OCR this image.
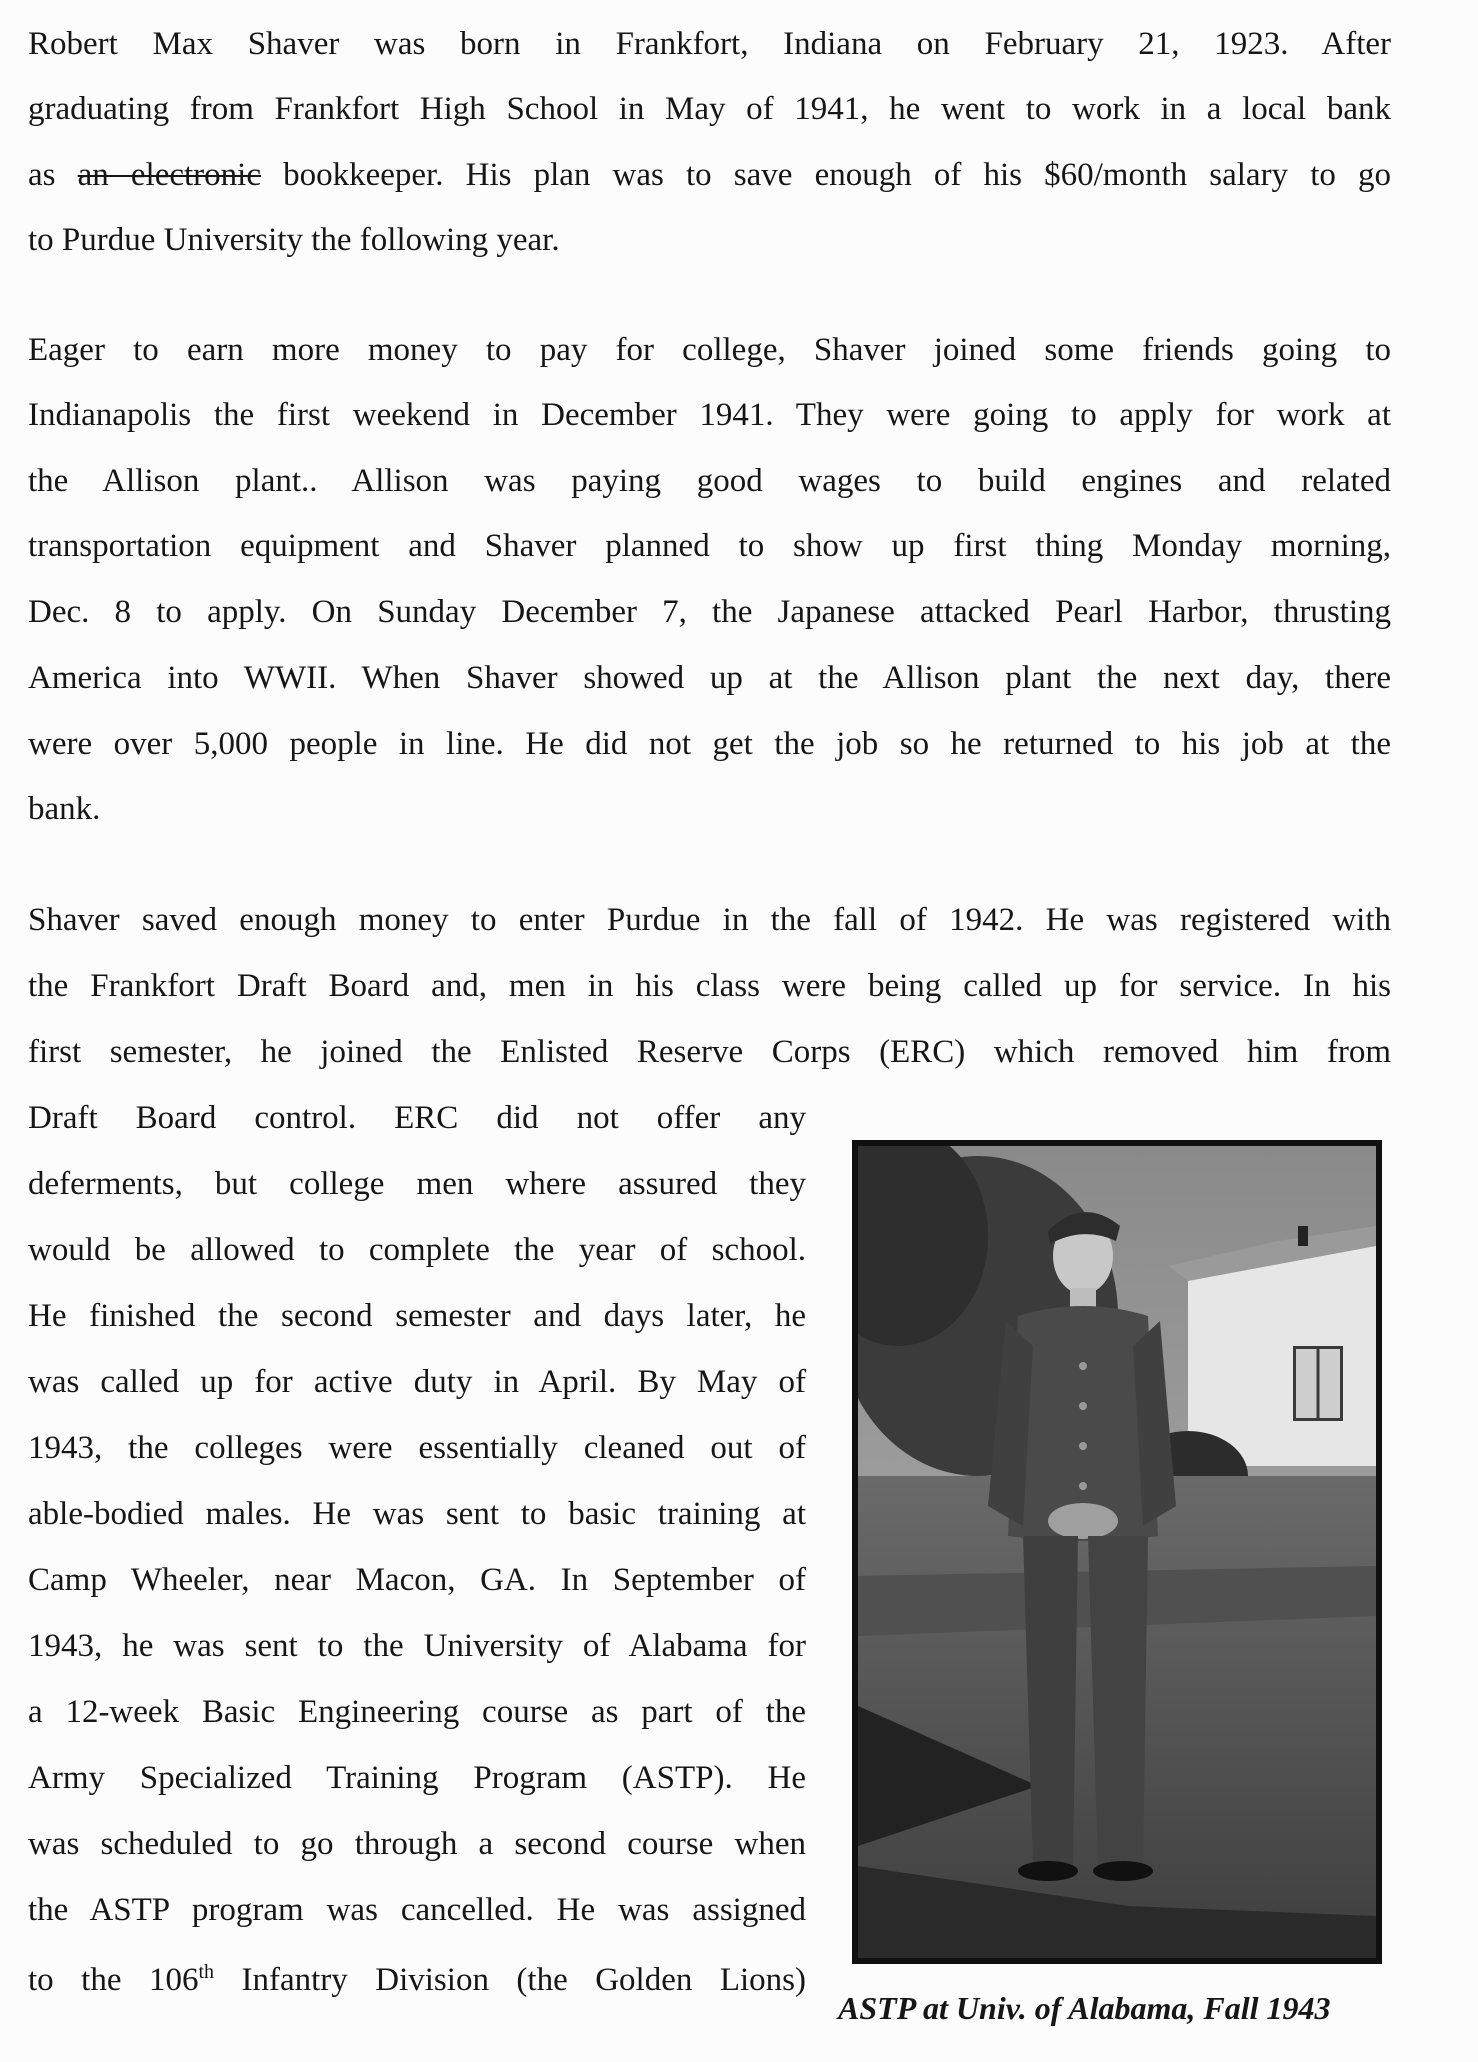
Robert Max Shaver was born in Frankfort, Indiana on February 21, 1923. After
graduating from Frankfort High School in May of 1941, he went to work in a local bank
as an electronic bookkeeper. His plan was to save enough of his $60/month salary to go
to Purdue University the following year.
Eager to earn more money to pay for college, Shaver joined some friends going to
Indianapolis the first weekend in December 1941. They were going to apply for work at
the Allison plant.. Allison was paying good wages to build engines and related
transportation equipment and Shaver planned to show up first thing Monday morning,
Dec. 8 to apply. On Sunday December 7, the Japanese attacked Pearl Harbor, thrusting
America into WWII. When Shaver showed up at the Allison plant the next day, there
were over 5,000 people in line. He did not get the job so he returned to his job at the
bank.
Shaver saved enough money to enter Purdue in the fall of 1942. He was registered with
the Frankfort Draft Board and, men in his class were being called up for service. In his
first semester, he joined the Enlisted Reserve Corps (ERC) which removed him from
Draft Board control. ERC did not offer any
deferments, but college men where assured they
would be allowed to complete the year of school.
He finished the second semester and days later, he
was called up for active duty in April. By May of
1943, the colleges were essentially cleaned out of
able-bodied males. He was sent to basic training at
Camp Wheeler, near Macon, GA. In September of
1943, he was sent to the University of Alabama for
a 12-week Basic Engineering course as part of the
Army Specialized Training Program (ASTP). He
was scheduled to go through a second course when
the ASTP program was cancelled. He was assigned
to the 106th Infantry Division (the Golden Lions)
ASTP at Univ. of Alabama, Fall 1943
